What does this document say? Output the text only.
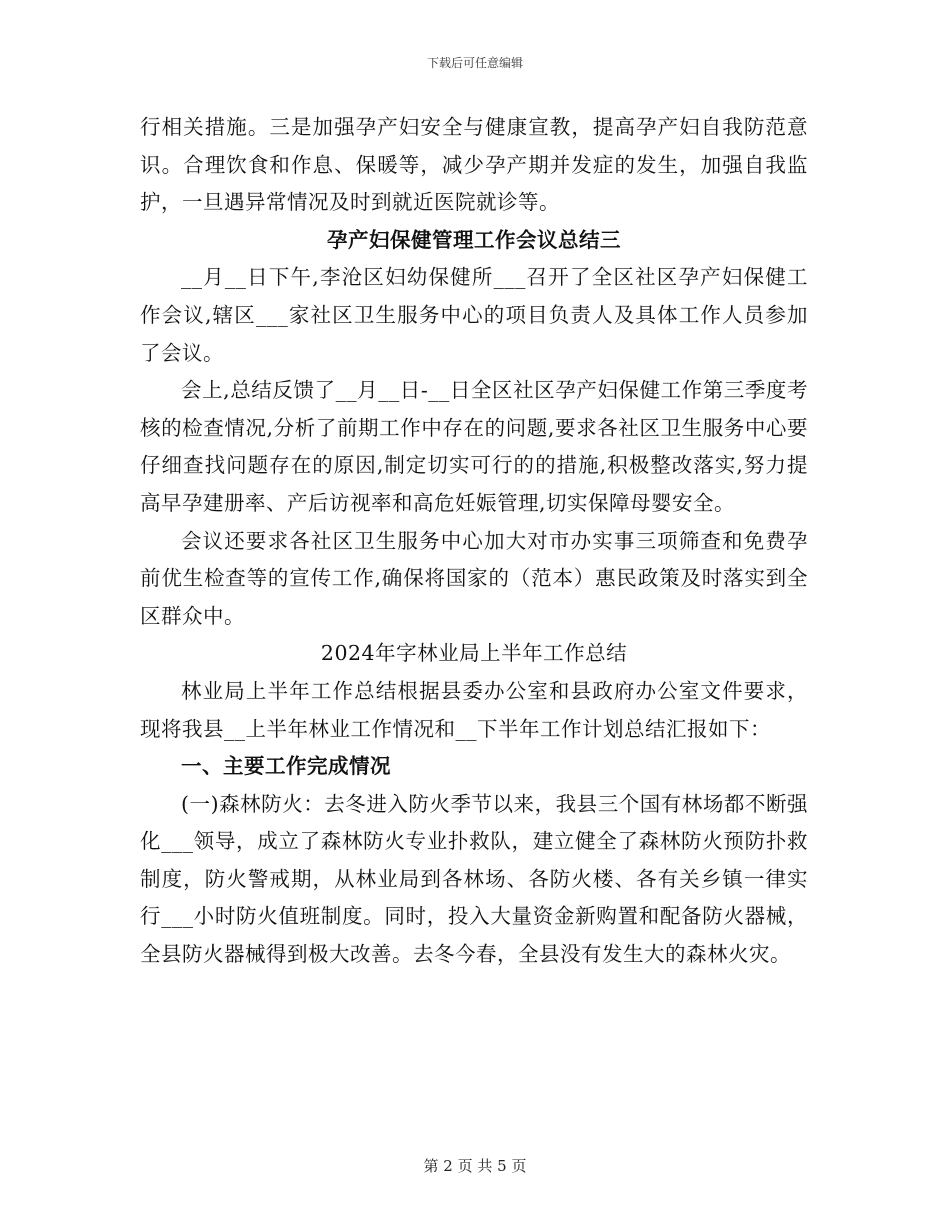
下载后可任意编辑

行相关措施。三是加强孕产妇安全与健康宣教，提高孕产妇自我防范意识。合理饮食和作息、保暖等，减少孕产期并发症的发生，加强自我监护，一旦遇异常情况及时到就近医院就诊等。

孕产妇保健管理工作会议总结三

__月__日下午,李沧区妇幼保健所___召开了全区社区孕产妇保健工作会议,辖区___家社区卫生服务中心的项目负责人及具体工作人员参加了会议。

会上,总结反馈了__月__日-__日全区社区孕产妇保健工作第三季度考核的检查情况,分析了前期工作中存在的问题,要求各社区卫生服务中心要仔细查找问题存在的原因,制定切实可行的的措施,积极整改落实,努力提高早孕建册率、产后访视率和高危妊娠管理,切实保障母婴安全。

会议还要求各社区卫生服务中心加大对市办实事三项筛查和免费孕前优生检查等的宣传工作,确保将国家的（范本）惠民政策及时落实到全区群众中。

2024年字林业局上半年工作总结

林业局上半年工作总结根据县委办公室和县政府办公室文件要求，现将我县__上半年林业工作情况和__下半年工作计划总结汇报如下：

一、主要工作完成情况

(一)森林防火：去冬进入防火季节以来，我县三个国有林场都不断强化___领导，成立了森林防火专业扑救队，建立健全了森林防火预防扑救制度，防火警戒期，从林业局到各林场、各防火楼、各有关乡镇一律实行___小时防火值班制度。同时，投入大量资金新购置和配备防火器械，全县防火器械得到极大改善。去冬今春，全县没有发生大的森林火灾。

第 2 页 共 5 页
